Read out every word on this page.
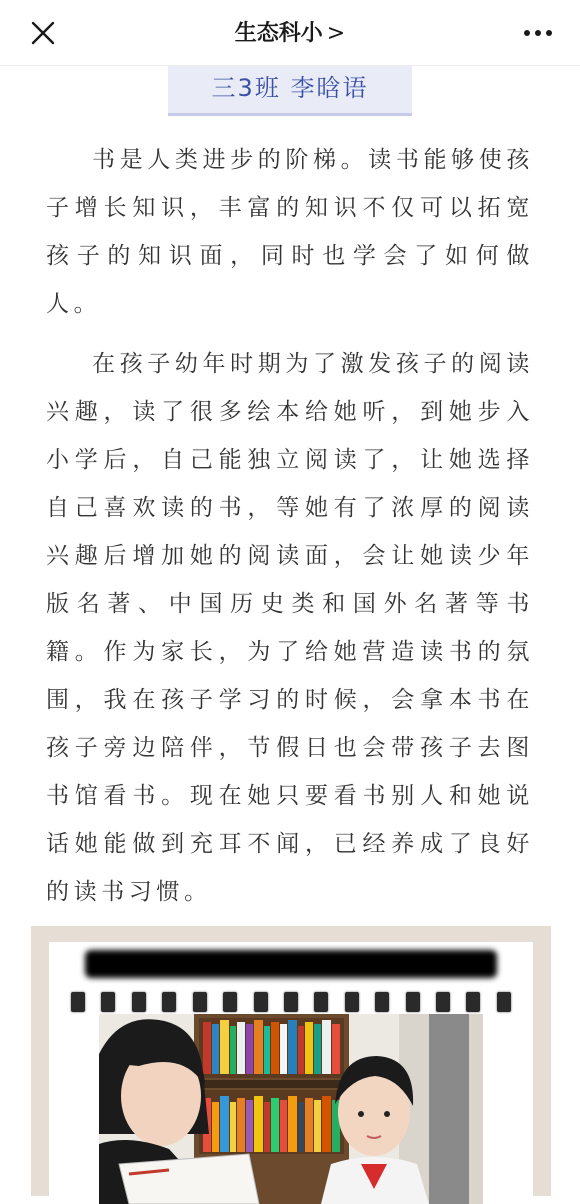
生态科小 >
三3班 李晗语

书是人类进步的阶梯。读书能够使孩子增长知识，丰富的知识不仅可以拓宽孩子的知识面，同时也学会了如何做人。

在孩子幼年时期为了激发孩子的阅读兴趣，读了很多绘本给她听，到她步入小学后，自己能独立阅读了，让她选择自己喜欢读的书，等她有了浓厚的阅读兴趣后增加她的阅读面，会让她读少年版名著、中国历史类和国外名著等书籍。作为家长，为了给她营造读书的氛围，我在孩子学习的时候，会拿本书在孩子旁边陪伴，节假日也会带孩子去图书馆看书。现在她只要看书别人和她说话她能做到充耳不闻，已经养成了良好的读书习惯。
